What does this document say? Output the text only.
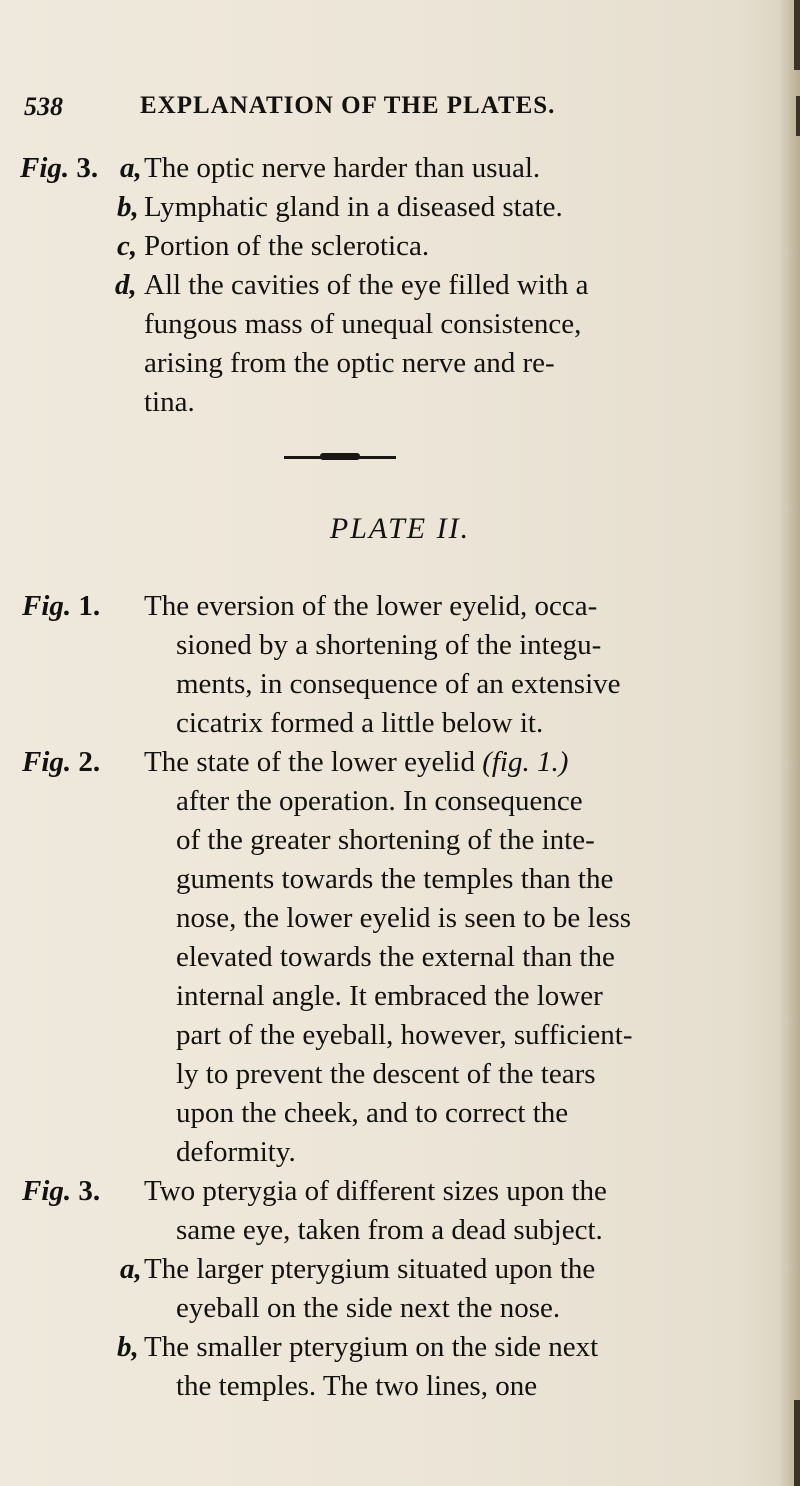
538	EXPLANATION OF THE PLATES.
Fig. 3. a, The optic nerve harder than usual.
b, Lymphatic gland in a diseased state.
c, Portion of the sclerotica.
d, All the cavities of the eye filled with a
fungous mass of unequal consistence,
arising from the optic nerve and re-
tina.
PLATE II.
Fig. 1. The eversion of the lower eyelid, occa-
sioned by a shortening of the integu-
ments, in consequence of an extensive
cicatrix formed a little below it.
Fig. 2. The state of the lower eyelid (fig. 1.)
after the operation. In consequence
of the greater shortening of the inte-
guments towards the temples than the
nose, the lower eyelid is seen to be less
elevated towards the external than the
internal angle. It embraced the lower
part of the eyeball, however, sufficient-
ly to prevent the descent of the tears
upon the cheek, and to correct the
deformity.
Fig. 3. Two pterygia of different sizes upon the
same eye, taken from a dead subject.
a, The larger pterygium situated upon the
eyeball on the side next the nose.
b, The smaller pterygium on the side next
the temples. The two lines, one
